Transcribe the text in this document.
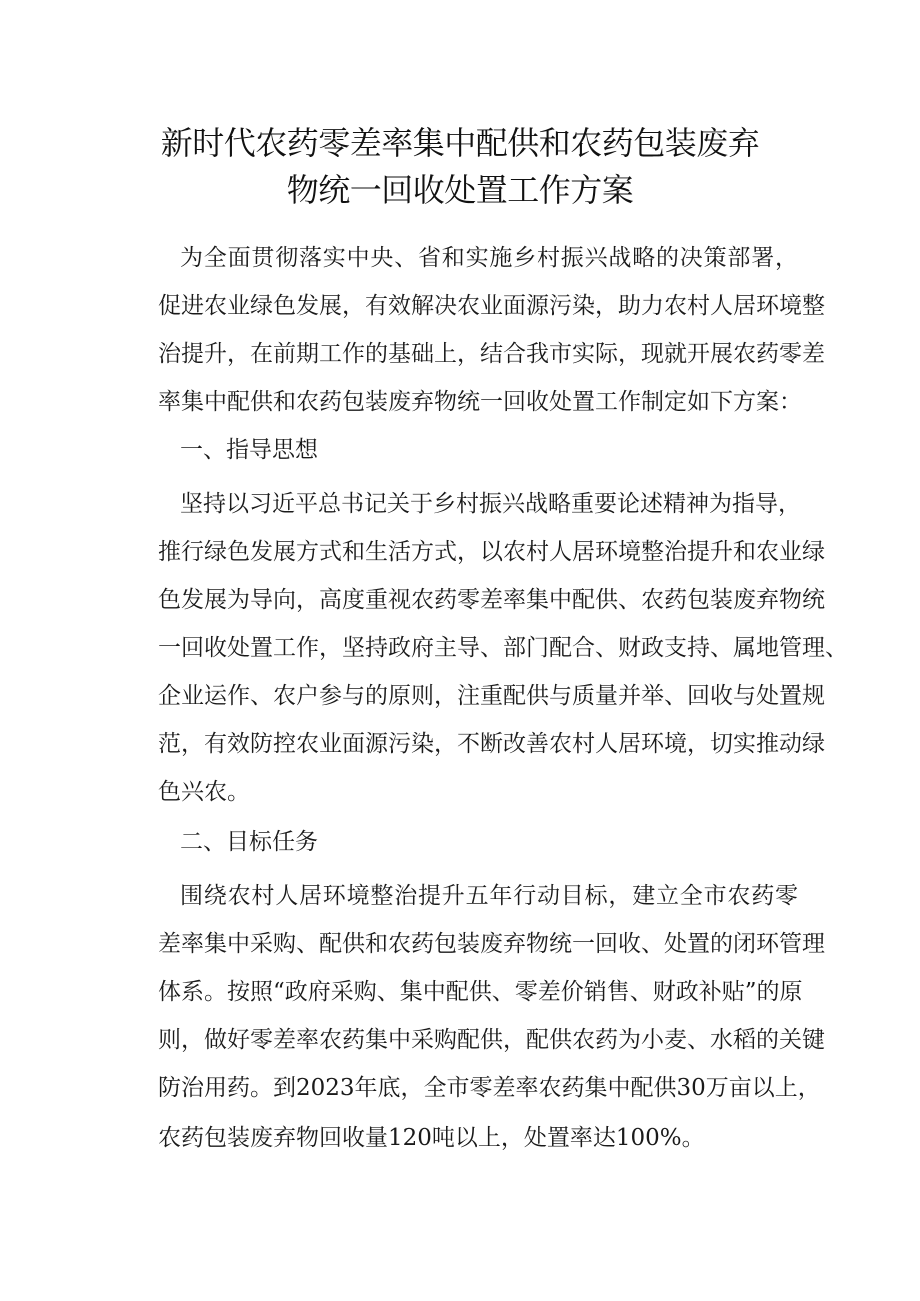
新时代农药零差率集中配供和农药包装废弃
物统一回收处置工作方案
为全面贯彻落实中央、省和实施乡村振兴战略的决策部署，
促进农业绿色发展，有效解决农业面源污染，助力农村人居环境整
治提升，在前期工作的基础上，结合我市实际，现就开展农药零差
率集中配供和农药包装废弃物统一回收处置工作制定如下方案：
一、指导思想
坚持以习近平总书记关于乡村振兴战略重要论述精神为指导，
推行绿色发展方式和生活方式，以农村人居环境整治提升和农业绿
色发展为导向，高度重视农药零差率集中配供、农药包装废弃物统
一回收处置工作，坚持政府主导、部门配合、财政支持、属地管理、
企业运作、农户参与的原则，注重配供与质量并举、回收与处置规
范，有效防控农业面源污染，不断改善农村人居环境，切实推动绿
色兴农。
二、目标任务
围绕农村人居环境整治提升五年行动目标，建立全市农药零
差率集中采购、配供和农药包装废弃物统一回收、处置的闭环管理
体系。按照“政府采购、集中配供、零差价销售、财政补贴”的原
则，做好零差率农药集中采购配供，配供农药为小麦、水稻的关键
防治用药。到2023年底，全市零差率农药集中配供30万亩以上，
农药包装废弃物回收量120吨以上，处置率达100%。
